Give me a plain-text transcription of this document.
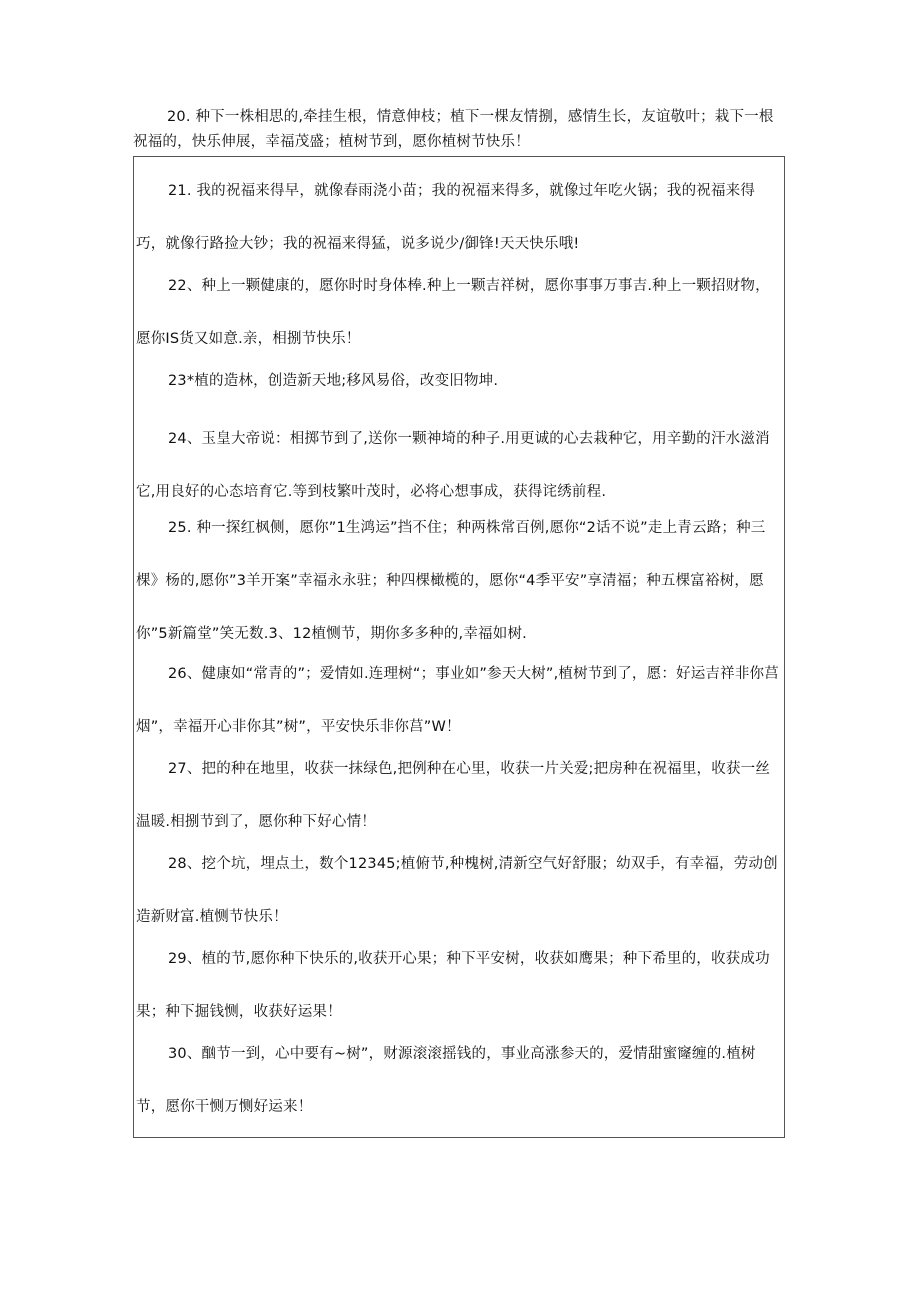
20. 种下一株相思的,牵挂生根，情意伸枝；植下一棵友情捌，感情生长，友谊敬叶；栽下一根祝福的，快乐伸展，幸福茂盛；植树节到，愿你植树节快乐！

21. 我的祝福来得早，就像春雨浇小苗；我的祝福来得多，就像过年吃火锅；我的祝福来得巧，就像行路捡大钞；我的祝福来得猛，说多说少/御锋!天天快乐哦!

22、种上一颗健康的，愿你时时身体棒.种上一颗吉祥树，愿你事事万事吉.种上一颗招财物，愿你IS货又如意.亲，相捌节快乐！

23*植的造林，创造新天地;移风易俗，改变旧物坤.

24、玉皇大帝说：相掷节到了,送你一颗神埼的种子.用更诚的心去栽种它，用辛勤的汗水滋消它,用良好的心态培育它.等到枝繁叶茂时，必将心想事成，获得诧绣前程.

25. 种一探红枫侧，愿你”1生鸿运”挡不住；种两株常百例,愿你“2话不说”走上青云路；种三棵》杨的,愿你”3羊开案”幸福永永驻；种四棵橄榄的，愿你“4季平安”享清福；种五棵富裕树，愿你”5新篇堂”笑无数.3、12植恻节，期你多多种的,幸福如树.

26、健康如“常青的”；爱情如.连理树“；事业如”参天大树”,植树节到了，愿：好运吉祥非你莒烟”，幸福开心非你其”树”，平安快乐非你莒”W！

27、把的种在地里，收获一抹绿色,把例种在心里，收获一片关爱;把房种在祝福里，收获一丝温暖.相捌节到了，愿你种下好心情！

28、挖个坑，埋点土，数个12345;植俯节,种槐树,清新空气好舒服；幼双手，有幸福，劳动创造新财富.植恻节快乐！

29、植的节,愿你种下快乐的,收获开心果；种下平安树，收获如鹰果；种下希里的，收获成功果；种下掘钱恻，收获好运果！

30、酗节一到，心中要有~树”，财源滚滚摇钱的，事业高涨参天的，爱情甜蜜窿缠的.植树节，愿你干恻万恻好运来！
